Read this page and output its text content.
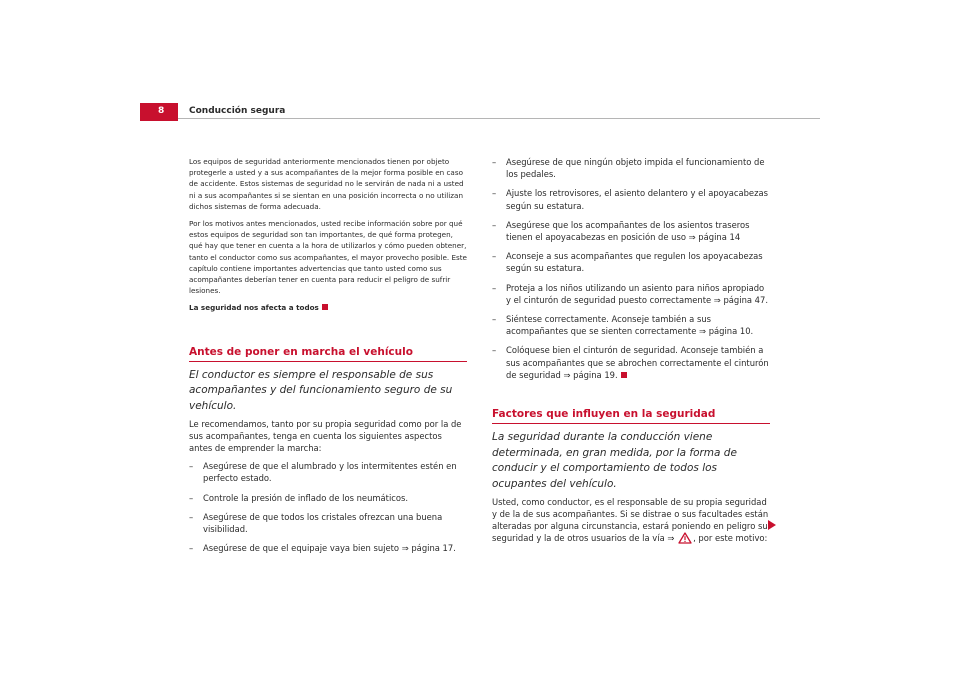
8	Conducción segura

Los equipos de seguridad anteriormente mencionados tienen por objeto protegerle a usted y a sus acompañantes de la mejor forma posible en caso de accidente. Estos sistemas de seguridad no le servirán de nada ni a usted ni a sus acompañantes si se sientan en una posición incorrecta o no utilizan dichos sistemas de forma adecuada.

Por los motivos antes mencionados, usted recibe información sobre por qué estos equipos de seguridad son tan importantes, de qué forma protegen, qué hay que tener en cuenta a la hora de utilizarlos y cómo pueden obtener, tanto el conductor como sus acompañantes, el mayor provecho posible. Este capítulo contiene importantes advertencias que tanto usted como sus acompañantes deberían tener en cuenta para reducir el peligro de sufrir lesiones.

La seguridad nos afecta a todos

Antes de poner en marcha el vehículo

El conductor es siempre el responsable de sus acompañantes y del funcionamiento seguro de su vehículo.

Le recomendamos, tanto por su propia seguridad como por la de sus acompañantes, tenga en cuenta los siguientes aspectos antes de emprender la marcha:

– Asegúrese de que el alumbrado y los intermitentes estén en perfecto estado.
– Controle la presión de inflado de los neumáticos.
– Asegúrese de que todos los cristales ofrezcan una buena visibilidad.
– Asegúrese de que el equipaje vaya bien sujeto ⇒ página 17.
– Asegúrese de que ningún objeto impida el funcionamiento de los pedales.
– Ajuste los retrovisores, el asiento delantero y el apoyacabezas según su estatura.
– Asegúrese que los acompañantes de los asientos traseros tienen el apoyacabezas en posición de uso ⇒ página 14
– Aconseje a sus acompañantes que regulen los apoyacabezas según su estatura.
– Proteja a los niños utilizando un asiento para niños apropiado y el cinturón de seguridad puesto correctamente ⇒ página 47.
– Siéntese correctamente. Aconseje también a sus acompañantes que se sienten correctamente ⇒ página 10.
– Colóquese bien el cinturón de seguridad. Aconseje también a sus acompañantes que se abrochen correctamente el cinturón de seguridad ⇒ página 19.
Factores que influyen en la seguridad

La seguridad durante la conducción viene determinada, en gran medida, por la forma de conducir y el comportamiento de todos los ocupantes del vehículo.

Usted, como conductor, es el responsable de su propia seguridad y de la de sus acompañantes. Si se distrae o sus facultades están alteradas por alguna circunstancia, estará poniendo en peligro su seguridad y la de otros usuarios de la vía ⇒ , por este motivo:
